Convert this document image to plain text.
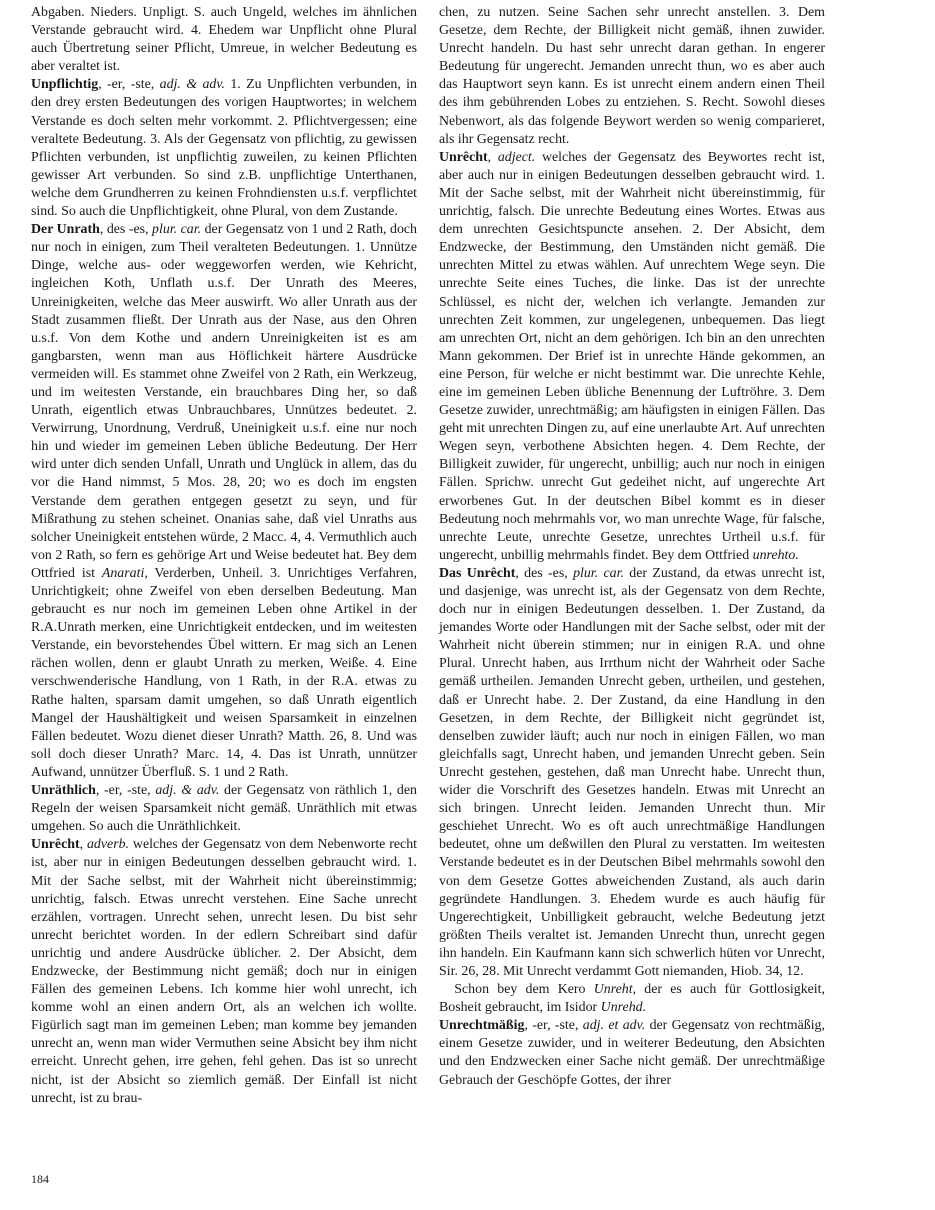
Abgaben. Nieders. Unpligt. S. auch Ungeld, welches im ähnlichen Verstande gebraucht wird. 4. Ehedem war Unpflicht ohne Plural auch Übertretung seiner Pflicht, Umreue, in welcher Bedeutung es aber veraltet ist.

Unpflichtig, -er, -ste, adj. & adv. 1. Zu Unpflichten verbunden, in den drey ersten Bedeutungen des vorigen Hauptwortes; in welchem Verstande es doch selten mehr vorkommt. 2. Pflichtvergessen; eine veraltete Bedeutung. 3. Als der Gegensatz von pflichtig, zu gewissen Pflichten verbunden, ist unpflichtig zuweilen, zu keinen Pflichten gewisser Art verbunden. So sind z.B. unpflichtige Unterthanen, welche dem Grundherren zu keinen Frohndiensten u.s.f. verpflichtet sind. So auch die Unpflichtigkeit, ohne Plural, von dem Zustande.

Der Unrath, des -es, plur. car. der Gegensatz von 1 und 2 Rath, doch nur noch in einigen, zum Theil veralteten Bedeutungen. 1. Unnütze Dinge, welche aus- oder weggeworfen werden, wie Kehricht, ingleichen Koth, Unflath u.s.f. Der Unrath des Meeres, Unreinigkeiten, welche das Meer auswirft. Wo aller Unrath aus der Stadt zusammen fließt. Der Unrath aus der Nase, aus den Ohren u.s.f. Von dem Kothe und andern Unreinigkeiten ist es am gangbarsten, wenn man aus Höflichkeit härtere Ausdrücke vermeiden will. Es stammet ohne Zweifel von 2 Rath, ein Werkzeug, und im weitesten Verstande, ein brauchbares Ding her, so daß Unrath, eigentlich etwas Unbrauchbares, Unnützes bedeutet. 2. Verwirrung, Unordnung, Verdruß, Uneinigkeit u.s.f. eine nur noch hin und wieder im gemeinen Leben übliche Bedeutung. Der Herr wird unter dich senden Unfall, Unrath und Unglück in allem, das du vor die Hand nimmst, 5 Mos. 28, 20; wo es doch im engsten Verstande dem gerathen entgegen gesetzt zu seyn, und für Mißrathung zu stehen scheinet. Onanias sahe, daß viel Unraths aus solcher Uneinigkeit entstehen würde, 2 Macc. 4, 4. Vermuthlich auch von 2 Rath, so fern es gehörige Art und Weise bedeutet hat. Bey dem Ottfried ist Anarati, Verderben, Unheil. 3. Unrichtiges Verfahren, Unrichtigkeit; ohne Zweifel von eben derselben Bedeutung. Man gebraucht es nur noch im gemeinen Leben ohne Artikel in der R.A.Unrath merken, eine Unrichtigkeit entdecken, und im weitesten Verstande, ein bevorstehendes Übel wittern. Er mag sich an Lenen rächen wollen, denn er glaubt Unrath zu merken, Weiße. 4. Eine verschwenderische Handlung, von 1 Rath, in der R.A. etwas zu Rathe halten, sparsam damit umgehen, so daß Unrath eigentlich Mangel der Haushältigkeit und weisen Sparsamkeit in einzelnen Fällen bedeutet. Wozu dienet dieser Unrath? Matth. 26, 8. Und was soll doch dieser Unrath? Marc. 14, 4. Das ist Unrath, unnützer Aufwand, unnützer Überfluß. S. 1 und 2 Rath.

Unräthlich, -er, -ste, adj. & adv. der Gegensatz von räthlich 1, den Regeln der weisen Sparsamkeit nicht gemäß. Unräthlich mit etwas umgehen. So auch die Unräthlichkeit.

Unrêcht, adverb. welches der Gegensatz von dem Nebenworte recht ist, aber nur in einigen Bedeutungen desselben gebraucht wird. 1. Mit der Sache selbst, mit der Wahrheit nicht übereinstimmig; unrichtig, falsch. Etwas unrecht verstehen. Eine Sache unrecht erzählen, vortragen. Unrecht sehen, unrecht lesen. Du bist sehr unrecht berichtet worden. In der edlern Schreibart sind dafür unrichtig und andere Ausdrücke üblicher. 2. Der Absicht, dem Endzwecke, der Bestimmung nicht gemäß; doch nur in einigen Fällen des gemeinen Lebens. Ich komme hier wohl unrecht, ich komme wohl an einen andern Ort, als an welchen ich wollte. Figürlich sagt man im gemeinen Leben; man komme bey jemanden unrecht an, wenn man wider Vermuthen seine Absicht bey ihm nicht erreicht. Unrecht gehen, irre gehen, fehl gehen. Das ist so unrecht nicht, ist der Absicht so ziemlich gemäß. Der Einfall ist nicht unrecht, ist zu brau-

chen, zu nutzen. Seine Sachen sehr unrecht anstellen. 3. Dem Gesetze, dem Rechte, der Billigkeit nicht gemäß, ihnen zuwider. Unrecht handeln. Du hast sehr unrecht daran gethan. In engerer Bedeutung für ungerecht. Jemanden unrecht thun, wo es aber auch das Hauptwort seyn kann. Es ist unrecht einem andern einen Theil des ihm gebührenden Lobes zu entziehen. S. Recht. Sowohl dieses Nebenwort, als das folgende Beywort werden so wenig comparieret, als ihr Gegensatz recht.

Unrêcht, adject. welches der Gegensatz des Beywortes recht ist, aber auch nur in einigen Bedeutungen desselben gebraucht wird. 1. Mit der Sache selbst, mit der Wahrheit nicht übereinstimmig, für unrichtig, falsch. Die unrechte Bedeutung eines Wortes. Etwas aus dem unrechten Gesichtspuncte ansehen. 2. Der Absicht, dem Endzwecke, der Bestimmung, den Umständen nicht gemäß. Die unrechten Mittel zu etwas wählen. Auf unrechtem Wege seyn. Die unrechte Seite eines Tuches, die linke. Das ist der unrechte Schlüssel, es nicht der, welchen ich verlangte. Jemanden zur unrechten Zeit kommen, zur ungelegenen, unbequemen. Das liegt am unrechten Ort, nicht an dem gehörigen. Ich bin an den unrechten Mann gekommen. Der Brief ist in unrechte Hände gekommen, an eine Person, für welche er nicht bestimmt war. Die unrechte Kehle, eine im gemeinen Leben übliche Benennung der Luftröhre. 3. Dem Gesetze zuwider, unrechtmäßig; am häufigsten in einigen Fällen. Das geht mit unrechten Dingen zu, auf eine unerlaubte Art. Auf unrechten Wegen seyn, verbothene Absichten hegen. 4. Dem Rechte, der Billigkeit zuwider, für ungerecht, unbillig; auch nur noch in einigen Fällen. Sprichw. unrecht Gut gedeihet nicht, auf ungerechte Art erworbenes Gut. In der deutschen Bibel kommt es in dieser Bedeutung noch mehrmahls vor, wo man unrechte Wage, für falsche, unrechte Leute, unrechte Gesetze, unrechtes Urtheil u.s.f. für ungerecht, unbillig mehrmahls findet. Bey dem Ottfried unrehto.

Das Unrêcht, des -es, plur. car. der Zustand, da etwas unrecht ist, und dasjenige, was unrecht ist, als der Gegensatz von dem Rechte, doch nur in einigen Bedeutungen desselben. 1. Der Zustand, da jemandes Worte oder Handlungen mit der Sache selbst, oder mit der Wahrheit nicht überein stimmen; nur in einigen R.A. und ohne Plural. Unrecht haben, aus Irrthum nicht der Wahrheit oder Sache gemäß urtheilen. Jemanden Unrecht geben, urtheilen, und gestehen, daß er Unrecht habe. 2. Der Zustand, da eine Handlung in den Gesetzen, in dem Rechte, der Billigkeit nicht gegründet ist, denselben zuwider läuft; auch nur noch in einigen Fällen, wo man gleichfalls sagt, Unrecht haben, und jemanden Unrecht geben. Sein Unrecht gestehen, gestehen, daß man Unrecht habe. Unrecht thun, wider die Vorschrift des Gesetzes handeln. Etwas mit Unrecht an sich bringen. Unrecht leiden. Jemanden Unrecht thun. Mir geschiehet Unrecht. Wo es oft auch unrechtmäßige Handlungen bedeutet, ohne um deßwillen den Plural zu verstatten. Im weitesten Verstande bedeutet es in der Deutschen Bibel mehrmahls sowohl den von dem Gesetze Gottes abweichenden Zustand, als auch darin gegründete Handlungen. 3. Ehedem wurde es auch häufig für Ungerechtigkeit, Unbilligkeit gebraucht, welche Bedeutung jetzt größten Theils veraltet ist. Jemanden Unrecht thun, unrecht gegen ihn handeln. Ein Kaufmann kann sich schwerlich hüten vor Unrecht, Sir. 26, 28. Mit Unrecht verdammt Gott niemanden, Hiob. 34, 12.

Schon bey dem Kero Unreht, der es auch für Gottlosigkeit, Bosheit gebraucht, im Isidor Unrehd.

Unrechtmäßig, -er, -ste, adj. et adv. der Gegensatz von rechtmäßig, einem Gesetze zuwider, und in weiterer Bedeutung, den Absichten und den Endzwecken einer Sache nicht gemäß. Der unrechtmäßige Gebrauch der Geschöpfe Gottes, der ihrer

184
